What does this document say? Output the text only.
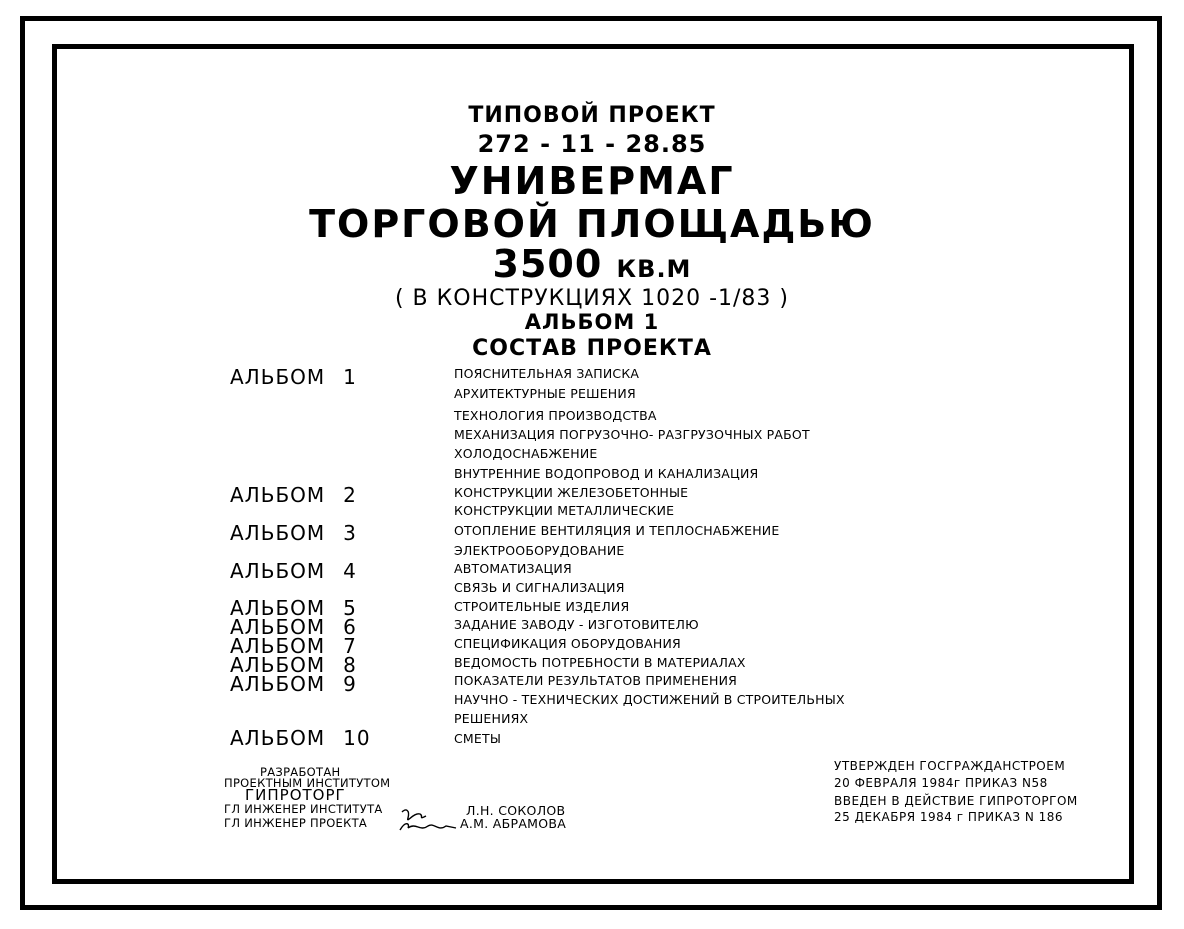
ТИПОВОЙ ПРОЕКТ
272 - 11 - 28.85
УНИВЕРМАГ
ТОРГОВОЙ ПЛОЩАДЬЮ
3500 КВ.М
( В КОНСТРУКЦИЯХ 1020 -1/83 )
АЛЬБОМ 1
СОСТАВ ПРОЕКТА
АЛЬБОМ 1
АЛЬБОМ 2
АЛЬБОМ 3
АЛЬБОМ 4
АЛЬБОМ 5
АЛЬБОМ 6
АЛЬБОМ 7
АЛЬБОМ 8
АЛЬБОМ 9
АЛЬБОМ 10
ПОЯСНИТЕЛЬНАЯ ЗАПИСКА
АРХИТЕКТУРНЫЕ РЕШЕНИЯ
ТЕХНОЛОГИЯ ПРОИЗВОДСТВА
МЕХАНИЗАЦИЯ ПОГРУЗОЧНО- РАЗГРУЗОЧНЫХ РАБОТ
ХОЛОДОСНАБЖЕНИЕ
ВНУТРЕННИЕ ВОДОПРОВОД И КАНАЛИЗАЦИЯ
КОНСТРУКЦИИ ЖЕЛЕЗОБЕТОННЫЕ
КОНСТРУКЦИИ МЕТАЛЛИЧЕСКИЕ
ОТОПЛЕНИЕ ВЕНТИЛЯЦИЯ И ТЕПЛОСНАБЖЕНИЕ
ЭЛЕКТРООБОРУДОВАНИЕ
АВТОМАТИЗАЦИЯ
СВЯЗЬ И СИГНАЛИЗАЦИЯ
СТРОИТЕЛЬНЫЕ ИЗДЕЛИЯ
ЗАДАНИЕ ЗАВОДУ - ИЗГОТОВИТЕЛЮ
СПЕЦИФИКАЦИЯ ОБОРУДОВАНИЯ
ВЕДОМОСТЬ ПОТРЕБНОСТИ В МАТЕРИАЛАХ
ПОКАЗАТЕЛИ РЕЗУЛЬТАТОВ ПРИМЕНЕНИЯ
НАУЧНО - ТЕХНИЧЕСКИХ ДОСТИЖЕНИЙ В СТРОИТЕЛЬНЫХ
РЕШЕНИЯХ
СМЕТЫ
РАЗРАБОТАН
ПРОЕКТНЫМ ИНСТИТУТОМ
ГИПРОТОРГ
ГЛ ИНЖЕНЕР ИНСТИТУТА
ГЛ ИНЖЕНЕР ПРОЕКТА
Л.Н. СОКОЛОВ
А.М. АБРАМОВА
УТВЕРЖДЕН ГОСГРАЖДАНСТРОЕМ
20 ФЕВРАЛЯ 1984г ПРИКАЗ N58
ВВЕДЕН В ДЕЙСТВИЕ ГИПРОТОРГОМ
25 ДЕКАБРЯ 1984 г ПРИКАЗ N 186
